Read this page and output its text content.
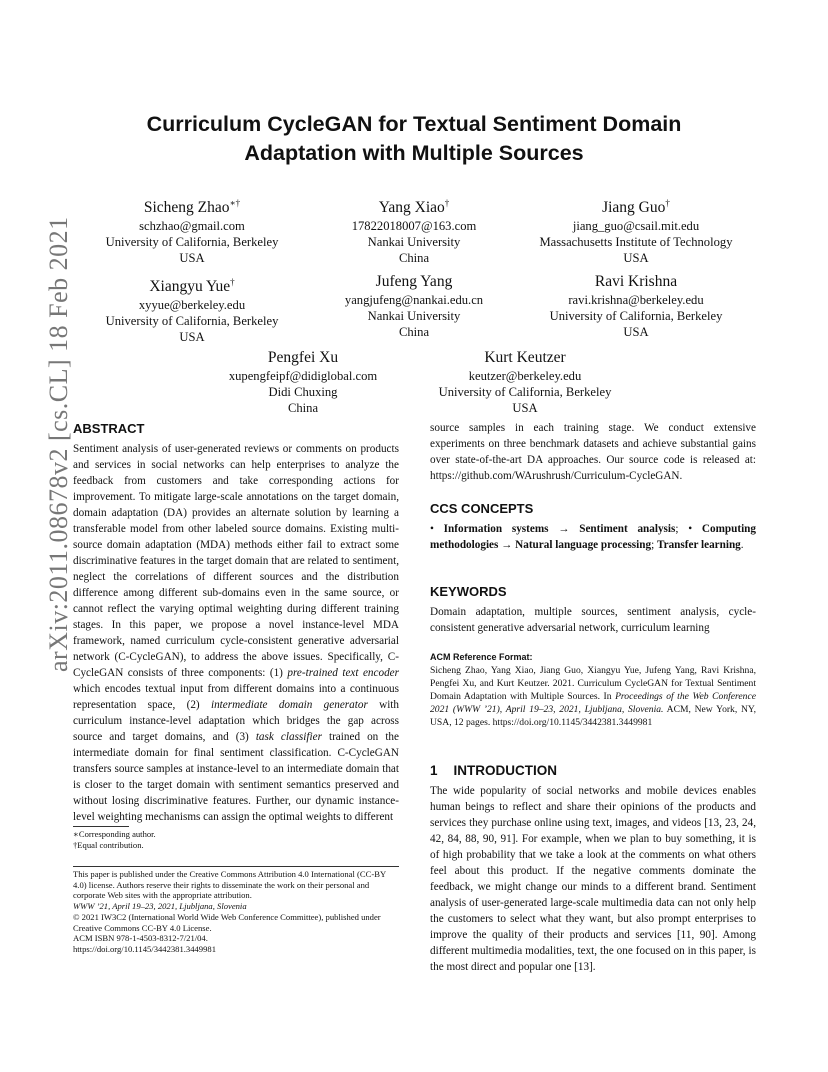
arXiv:2011.08678v2 [cs.CL] 18 Feb 2021
Curriculum CycleGAN for Textual Sentiment Domain
Adaptation with Multiple Sources
Sicheng Zhao∗†
schzhao@gmail.com
University of California, Berkeley
USA
Yang Xiao†
17822018007@163.com
Nankai University
China
Jiang Guo†
jiang_guo@csail.mit.edu
Massachusetts Institute of Technology
USA
Xiangyu Yue†
xyyue@berkeley.edu
University of California, Berkeley
USA
Jufeng Yang
yangjufeng@nankai.edu.cn
Nankai University
China
Ravi Krishna
ravi.krishna@berkeley.edu
University of California, Berkeley
USA
Pengfei Xu
xupengfeipf@didiglobal.com
Didi Chuxing
China
Kurt Keutzer
keutzer@berkeley.edu
University of California, Berkeley
USA
ABSTRACT
Sentiment analysis of user-generated reviews or comments on products and services in social networks can help enterprises to analyze the feedback from customers and take corresponding actions for improvement. To mitigate large-scale annotations on the target domain, domain adaptation (DA) provides an alternate solution by learning a transferable model from other labeled source domains. Existing multi-source domain adaptation (MDA) methods either fail to extract some discriminative features in the target domain that are related to sentiment, neglect the correlations of different sources and the distribution difference among different sub-domains even in the same source, or cannot reflect the varying optimal weighting during different training stages. In this paper, we propose a novel instance-level MDA framework, named curriculum cycle-consistent generative adversarial network (C-CycleGAN), to address the above issues. Specifically, C-CycleGAN consists of three components: (1) pre-trained text encoder which encodes textual input from different domains into a continuous representation space, (2) intermediate domain generator with curriculum instance-level adaptation which bridges the gap across source and target domains, and (3) task classifier trained on the intermediate domain for final sentiment classification. C-CycleGAN transfers source samples at instance-level to an intermediate domain that is closer to the target domain with sentiment semantics preserved and without losing discriminative features. Further, our dynamic instance-level weighting mechanisms can assign the optimal weights to different
∗Corresponding author.
†Equal contribution.
This paper is published under the Creative Commons Attribution 4.0 International (CC-BY 4.0) license. Authors reserve their rights to disseminate the work on their personal and corporate Web sites with the appropriate attribution.
WWW ’21, April 19–23, 2021, Ljubljana, Slovenia
© 2021 IW3C2 (International World Wide Web Conference Committee), published under Creative Commons CC-BY 4.0 License.
ACM ISBN 978-1-4503-8312-7/21/04.
https://doi.org/10.1145/3442381.3449981
source samples in each training stage. We conduct extensive experiments on three benchmark datasets and achieve substantial gains over state-of-the-art DA approaches. Our source code is released at: https://github.com/WArushrush/Curriculum-CycleGAN.
CCS CONCEPTS
• Information systems → Sentiment analysis; • Computing methodologies → Natural language processing; Transfer learning.
KEYWORDS
Domain adaptation, multiple sources, sentiment analysis, cycle-consistent generative adversarial network, curriculum learning
ACM Reference Format:
Sicheng Zhao, Yang Xiao, Jiang Guo, Xiangyu Yue, Jufeng Yang, Ravi Krishna, Pengfei Xu, and Kurt Keutzer. 2021. Curriculum CycleGAN for Textual Sentiment Domain Adaptation with Multiple Sources. In Proceedings of the Web Conference 2021 (WWW ’21), April 19–23, 2021, Ljubljana, Slovenia. ACM, New York, NY, USA, 12 pages. https://doi.org/10.1145/3442381.3449981
1 INTRODUCTION
The wide popularity of social networks and mobile devices enables human beings to reflect and share their opinions of the products and services they purchase online using text, images, and videos [13, 23, 24, 42, 84, 88, 90, 91]. For example, when we plan to buy something, it is of high probability that we take a look at the comments on what others feel about this product. If the negative comments dominate the feedback, we might change our minds to a different brand. Sentiment analysis of user-generated large-scale multimedia data can not only help the customers to select what they want, but also prompt enterprises to improve the quality of their products and services [11, 90]. Among different multimedia modalities, text, the one focused on in this paper, is the most direct and popular one [13].
